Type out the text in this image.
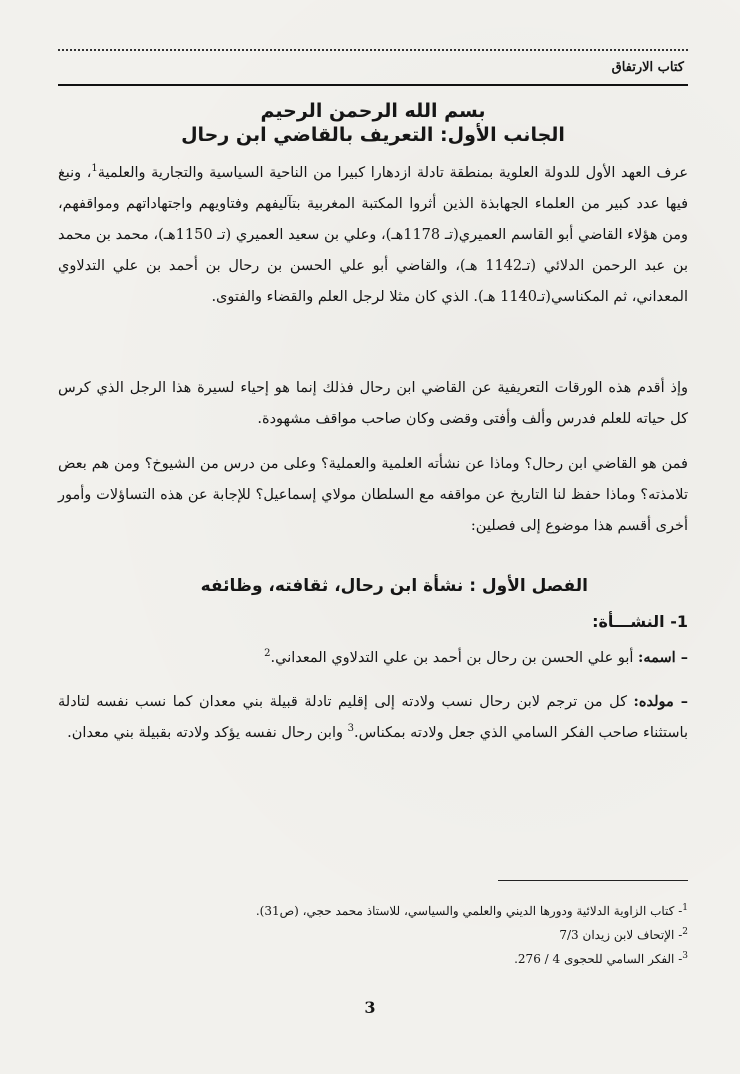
كتاب الارتفاق
بسم الله الرحمن الرحيم
الجانب الأول: التعريف بالقاضي ابن رحال
عرف العهد الأول للدولة العلوية بمنطقة تادلة ازدهارا كبيرا من الناحية السياسية والتجارية والعلمية$^1$، ونبغ فيها عدد كبير من العلماء الجهابذة الذين أثروا المكتبة المغربية بتآليفهم وفتاويهم واجتهاداتهم ومواقفهم، ومن هؤلاء القاضي أبو القاسم العميري(تـ 1178هـ)، وعلي بن سعيد العميري (تـ 1150هـ)، محمد بن محمد بن عبد الرحمن الدلائي (تـ1142 هـ)، والقاضي أبو علي الحسن بن رحال بن أحمد بن علي التدلاوي المعداني، ثم المكناسي(تـ1140 هـ). الذي كان مثلا لرجل العلم والقضاء والفتوى.
وإذ أقدم هذه الورقات التعريفية عن القاضي ابن رحال فذلك إنما هو إحياء لسيرة هذا الرجل الذي كرس كل حياته للعلم فدرس وألف وأفتى وقضى وكان صاحب مواقف مشهودة.
فمن هو القاضي ابن رحال؟ وماذا عن نشأته العلمية والعملية؟ وعلى من درس من الشيوخ؟ ومن هم بعض تلامذته؟ وماذا حفظ لنا التاريخ عن مواقفه مع السلطان مولاي إسماعيل؟ للإجابة عن هذه التساؤلات وأمور أخرى أقسم هذا موضوع إلى فصلين:
الفصل الأول : نشأة ابن رحال، ثقافته، وظائفه
1- النشـــأة:
– اسمه: أبو علي الحسن بن رحال بن أحمد بن علي التدلاوي المعداني.$^2$
– مولده: كل من ترجم لابن رحال نسب ولادته إلى إقليم تادلة قبيلة بني معدان كما نسب نفسه لتادلة باستثناء صاحب الفكر السامي الذي جعل ولادته بمكناس.$^3$ وابن رحال نفسه يؤكد ولادته بقبيلة بني معدان.
$^1$- كتاب الزاوية الدلائية ودورها الديني والعلمي والسياسي، للاستاذ محمد حجي، (ص31).
$^2$- الإتحاف لابن زيدان 7/3
$^3$- الفكر السامي للحجوى 4 / 276.
3
